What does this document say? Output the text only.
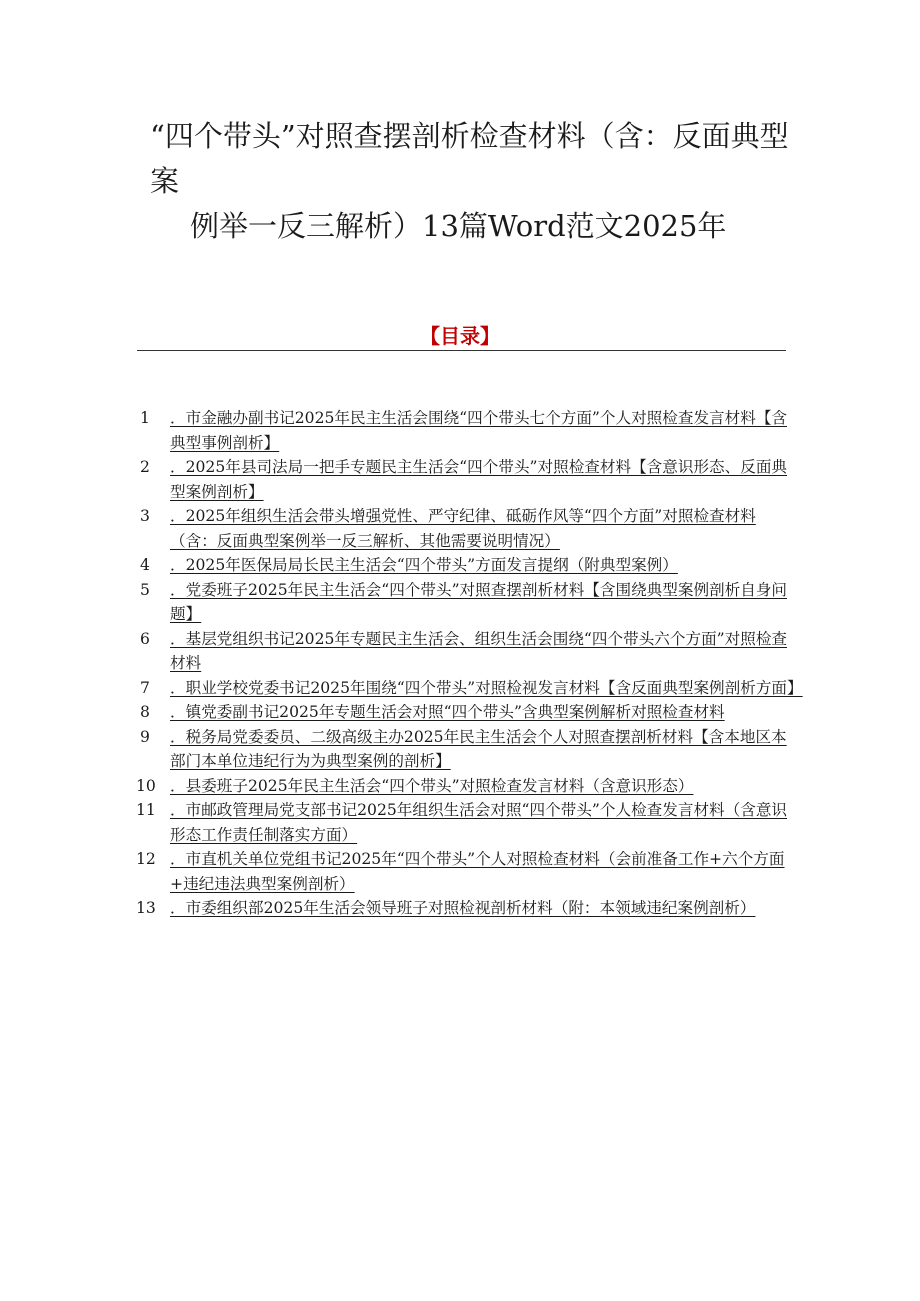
“四个带头”对照查摆剖析检查材料（含：反面典型案
例举一反三解析）13篇Word范文2025年
【目录】
1 ．市金融办副书记2025年民主生活会围绕“四个带头七个方面”个人对照检查发言材料【含典型事例剖析】
2 ．2025年县司法局一把手专题民主生活会“四个带头”对照检查材料【含意识形态、反面典型案例剖析】
3 ．2025年组织生活会带头增强党性、严守纪律、砥砺作风等“四个方面”对照检查材料（含：反面典型案例举一反三解析、其他需要说明情况）
4 ．2025年医保局局长民主生活会“四个带头”方面发言提纲（附典型案例）
5 ．党委班子2025年民主生活会“四个带头”对照查摆剖析材料【含围绕典型案例剖析自身问题】
6 ．基层党组织书记2025年专题民主生活会、组织生活会围绕“四个带头六个方面”对照检查材料
7 ．职业学校党委书记2025年围绕“四个带头”对照检视发言材料【含反面典型案例剖析方面】
8 ．镇党委副书记2025年专题生活会对照“四个带头”含典型案例解析对照检查材料
9 ．税务局党委委员、二级高级主办2025年民主生活会个人对照查摆剖析材料【含本地区本部门本单位违纪行为为典型案例的剖析】
10 ．县委班子2025年民主生活会“四个带头”对照检查发言材料（含意识形态）
11 ．市邮政管理局党支部书记2025年组织生活会对照“四个带头”个人检查发言材料（含意识形态工作责任制落实方面）
12 ．市直机关单位党组书记2025年“四个带头”个人对照检查材料（会前准备工作+六个方面+违纪违法典型案例剖析）
13 ．市委组织部2025年生活会领导班子对照检视剖析材料（附：本领域违纪案例剖析）
